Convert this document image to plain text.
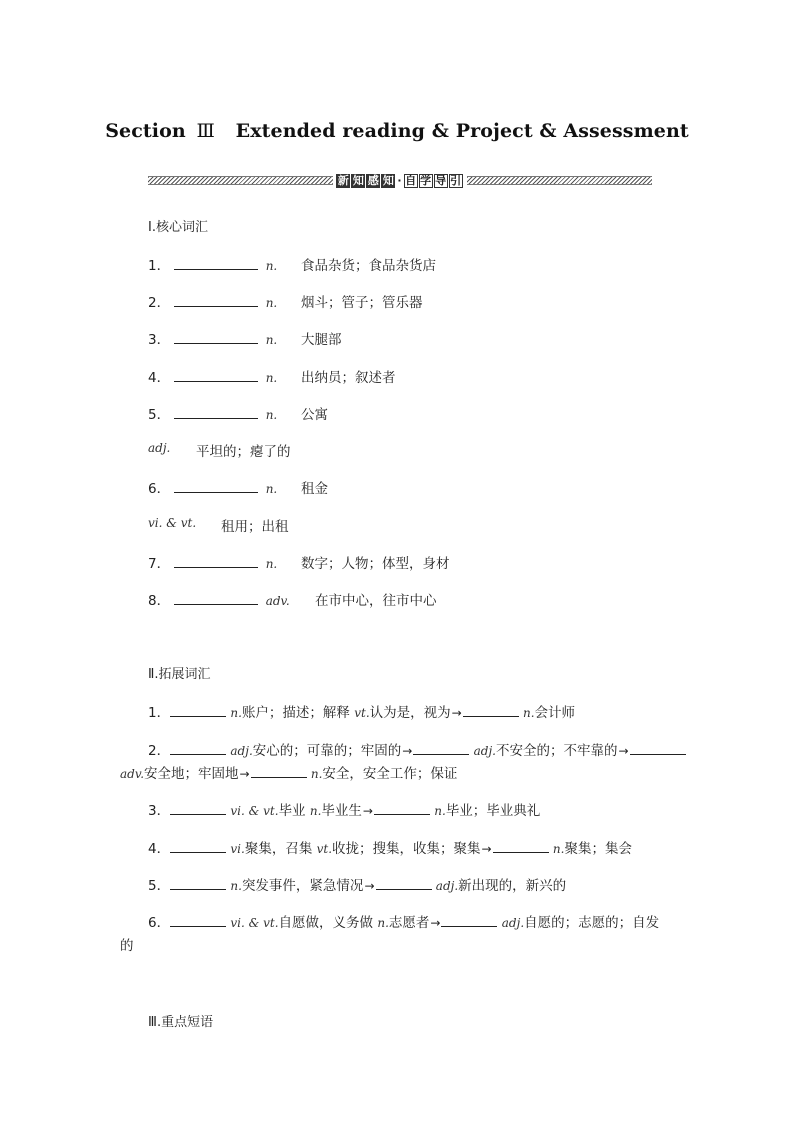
Section Ⅲ Extended reading & Project & Assessment
新 知 感 知 · 自 学 导 引
Ⅰ.核心词汇
1．	n. 食品杂货；食品杂货店
2．	n. 烟斗；管子；管乐器
3．	n. 大腿部
4．	n. 出纳员；叙述者
5．	n. 公寓
adj. 平坦的；瘪了的
6．	n. 租金
vi. & vt. 租用；出租
7．	n. 数字；人物；体型，身材
8．	adv. 在市中心，往市中心
Ⅱ.拓展词汇
1．	n.账户；描述；解释 vt.认为是，视为→	n.会计师
2．	adj.安心的；可靠的；牢固的→	adj.不安全的；不牢靠的→
adv.安全地；牢固地→	n.安全，安全工作；保证
3．	vi. & vt.毕业 n.毕业生→	n.毕业；毕业典礼
4．	vi.聚集，召集 vt.收拢；搜集，收集；聚集→	n.聚集；集会
5．	n.突发事件，紧急情况→	adj.新出现的，新兴的
6．	vi. & vt.自愿做，义务做 n.志愿者→	adj.自愿的；志愿的；自发
的
Ⅲ.重点短语
